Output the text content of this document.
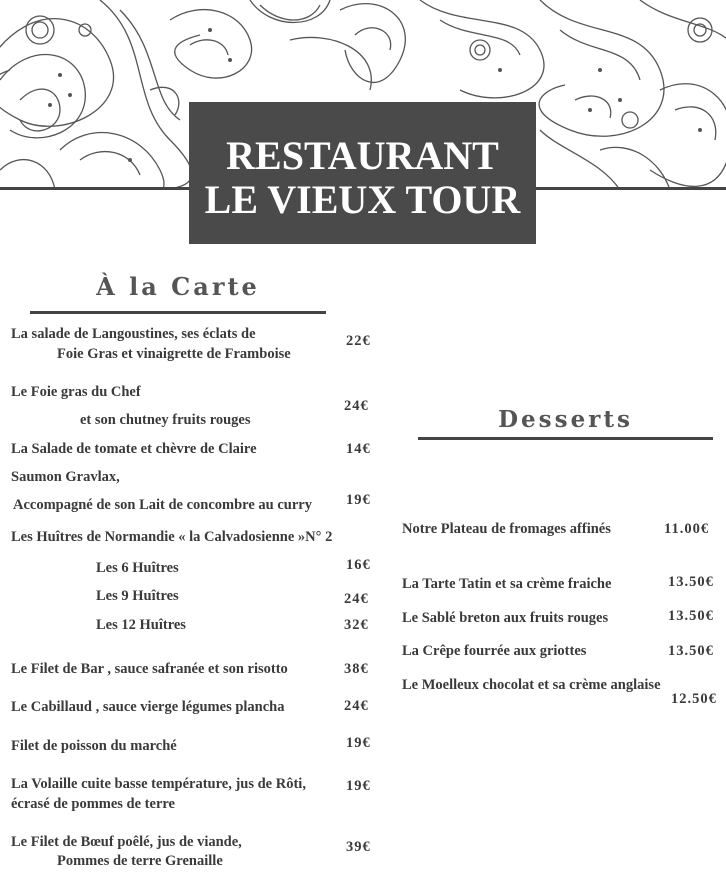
RESTAURANT
LE VIEUX TOUR
À la Carte
La salade de Langoustines, ses éclats de
Foie Gras et vinaigrette de Framboise
22€
Le Foie gras du Chef
et son chutney fruits rouges
24€
La Salade de tomate et chèvre de Claire	14€
Saumon Gravlax,
Accompagné de son Lait de concombre au curry 19€
Les Huîtres de Normandie « la Calvadosienne »N° 2
Les 6 Huîtres	16€
Les 9 Huîtres	24€
Les 12 Huîtres	32€
Le Filet de Bar , sauce safranée et son risotto	38€
Le Cabillaud , sauce vierge légumes plancha	24€
Filet de poisson du marché	19€
La Volaille cuite basse température, jus de Rôti,
écrasé de pommes de terre
19€
Le Filet de Bœuf poêlé, jus de viande,
Pommes de terre Grenaille
39€
Desserts
Notre Plateau de fromages affinés	11.00€
La Tarte Tatin et sa crème fraiche	13.50€
Le Sablé breton aux fruits rouges	13.50€
La Crêpe fourrée aux griottes	13.50€
Le Moelleux chocolat et sa crème anglaise
12.50€
